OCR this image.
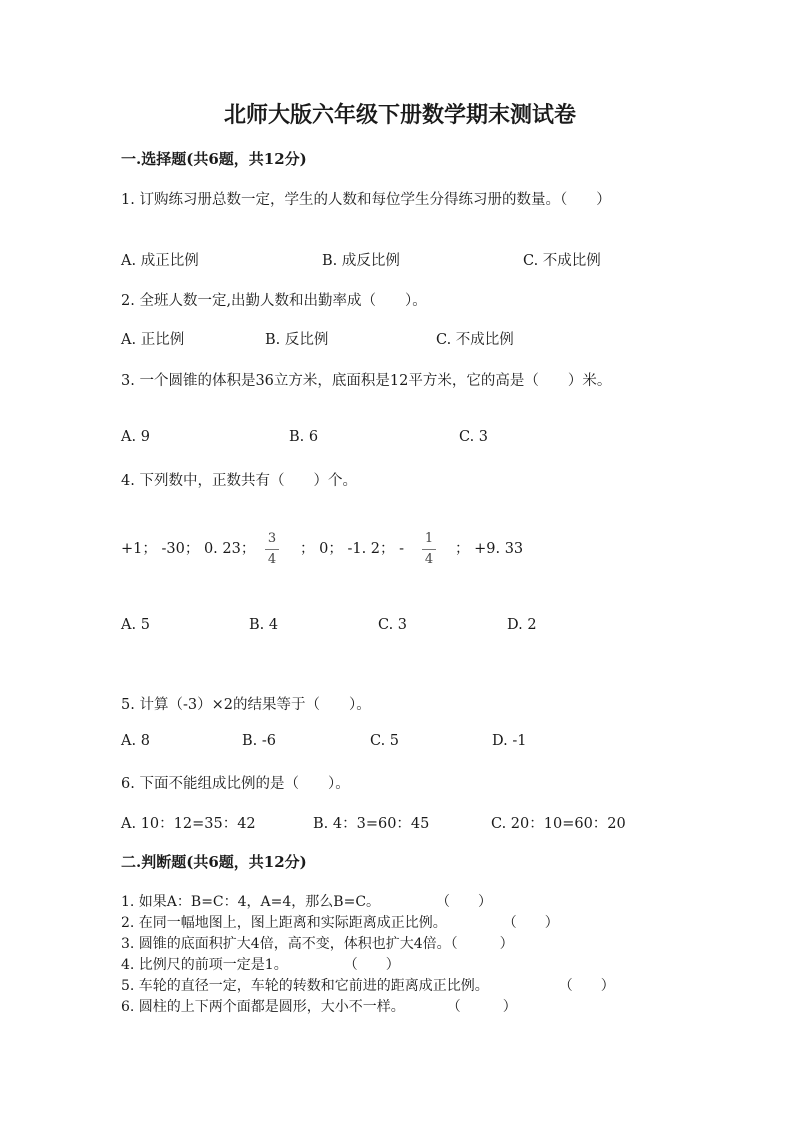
北师大版六年级下册数学期末测试卷
一.选择题(共6题，共12分)
1. 订购练习册总数一定，学生的人数和每位学生分得练习册的数量。（　　）
A. 成正比例	B. 成反比例	C. 不成比例
2. 全班人数一定,出勤人数和出勤率成（　　）。
A. 正比例	B. 反比例	C. 不成比例
3. 一个圆锥的体积是36立方米，底面积是12平方米，它的高是（　　）米。
A. 9	B. 6	C. 3
4. 下列数中，正数共有（　　）个。
+1； -30； 0. 23；
3
4
； 0； -1. 2； -
1
4
； +9. 33
A. 5	B. 4	C. 3	D. 2
5. 计算（-3）×2的结果等于（　　）。
A. 8	B. -6	C. 5	D. -1
6. 下面不能组成比例的是（　　）。
A. 10：12=35：42	B. 4：3=60：45	C. 20：10=60：20
二.判断题(共6题，共12分)
1. 如果A：B=C：4，A=4，那么B=C。　　　　　（　　）
2. 在同一幅地图上，图上距离和实际距离成正比例。　　　　　（　　）
3. 圆锥的底面积扩大4倍，高不变，体积也扩大4倍。（　　　）
4. 比例尺的前项一定是1。　　　　　（　　）
5. 车轮的直径一定，车轮的转数和它前进的距离成正比例。　　　　　　（　　）
6. 圆柱的上下两个面都是圆形，大小不一样。　　　　（　　　）
